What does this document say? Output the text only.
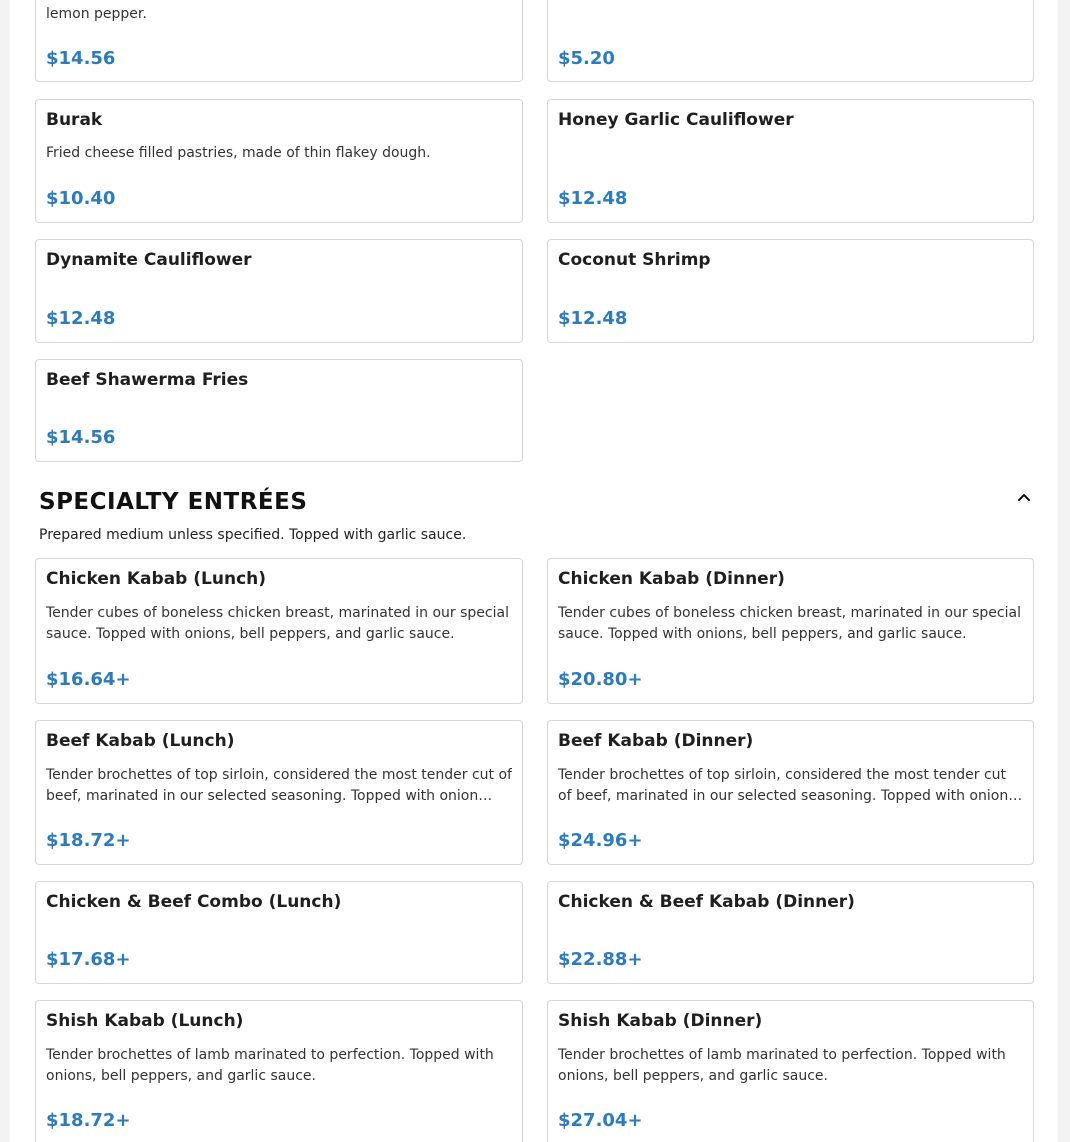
lemon pepper.
$14.56	$5.20
Burak
Fried cheese filled pastries, made of thin flakey dough.
$10.40
Honey Garlic Cauliflower
$12.48
Dynamite Cauliflower
$12.48
Coconut Shrimp
$12.48
Beef Shawerma Fries
$14.56
SPECIALTY ENTRÉES
Prepared medium unless specified. Topped with garlic sauce.
Chicken Kabab (Lunch)
Tender cubes of boneless chicken breast, marinated in our special sauce. Topped with onions, bell peppers, and garlic sauce.
$16.64+
Chicken Kabab (Dinner)
Tender cubes of boneless chicken breast, marinated in our special sauce. Topped with onions, bell peppers, and garlic sauce.
$20.80+
Beef Kabab (Lunch)
Tender brochettes of top sirloin, considered the most tender cut of beef, marinated in our selected seasoning. Topped with onion…
$18.72+
Beef Kabab (Dinner)
Tender brochettes of top sirloin, considered the most tender cut of beef, marinated in our selected seasoning. Topped with onion…
$24.96+
Chicken & Beef Combo (Lunch)
$17.68+
Chicken & Beef Kabab (Dinner)
$22.88+
Shish Kabab (Lunch)
Tender brochettes of lamb marinated to perfection. Topped with onions, bell peppers, and garlic sauce.
$18.72+
Shish Kabab (Dinner)
Tender brochettes of lamb marinated to perfection. Topped with onions, bell peppers, and garlic sauce.
$27.04+
